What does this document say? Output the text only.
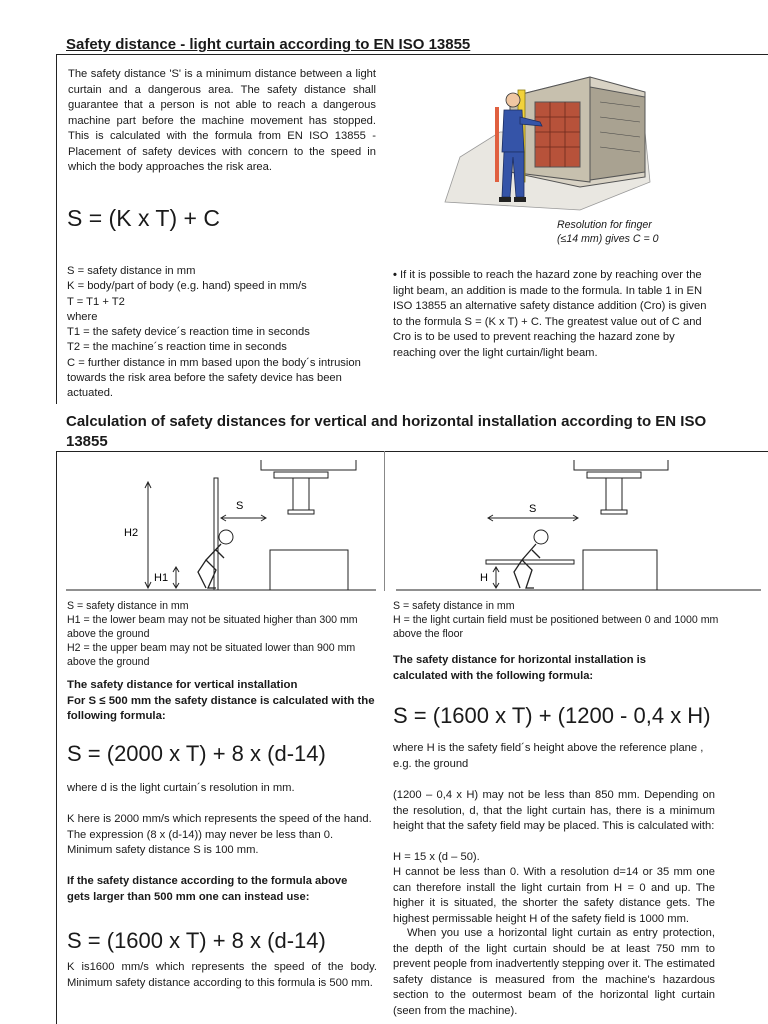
Safety distance - light curtain according to EN ISO 13855

The safety distance 'S' is a minimum distance between a light curtain and a dangerous area. The safety distance shall guarantee that a person is not able to reach a dangerous machine part before the machine movement has stopped. This is calculated with the formula from EN ISO 13855 - Placement of safety devices with concern to the speed in which the body approaches the risk area.

S = (K x T) + C	Resolution for finger
(≤14 mm) gives C = 0
S = safety distance in mm
K = body/part of body (e.g. hand) speed in mm/s
T = T1 + T2
where
T1 = the safety device´s reaction time in seconds
T2 = the machine´s reaction time in seconds
C = further distance in mm based upon the body´s intrusion towards the risk area before the safety device has been actuated.
• If it is possible to reach the hazard zone by reaching over the light beam, an addition is made to the formula. In table 1 in EN ISO 13855 an alternative safety distance addition (Cro) is given to the formula S = (K x T) + C. The greatest value out of C and Cro is to be used to prevent reaching the hazard zone by reaching over the light curtain/light beam.
Calculation of safety distances for vertical and horizontal installation according to EN ISO 13855
S
H2
H1
S
H
S = safety distance in mm
H1 = the lower beam may not be situated higher than 300 mm above the ground
H2 = the upper beam may not be situated lower than 900 mm above the ground
The safety distance for vertical installation
For S ≤ 500 mm the safety distance is calculated with the following formula:
S = (2000 x T) + 8 x (d-14)

where d is the light curtain´s resolution in mm.

K here is 2000 mm/s which represents the speed of the hand. The expression (8 x (d-14)) may never be less than 0. Minimum safety distance S is 100 mm.

If the safety distance according to the formula above gets larger than 500 mm one can instead use:

S = (1600 x T) + 8 x (d-14)

K is1600 mm/s which represents the speed of the body. Minimum safety distance according to this formula is 500 mm.

S = safety distance in mm
H = the light curtain field must be positioned between 0 and 1000 mm above the floor

The safety distance for horizontal installation is calculated with the following formula:

S = (1600 x T) + (1200 - 0,4 x H)

where H is the safety field´s height above the reference plane , e.g. the ground

(1200 – 0,4 x H) may not be less than 850 mm. Depending on the resolution, d, that the light curtain has, there is a minimum height that the safety field may be placed. This is calculated with:

H = 15 x (d – 50).

H cannot be less than 0. With a resolution d=14 or 35 mm one can therefore install the light curtain from H = 0 and up. The higher it is situated, the shorter the safety distance gets. The highest permissable height H of the safety field is 1000 mm.

When you use a horizontal light curtain as entry protection, the depth of the light curtain should be at least 750 mm to prevent people from inadvertently stepping over it. The estimated safety distance is measured from the machine's hazardous section to the outermost beam of the horizontal light curtain (seen from the machine).
